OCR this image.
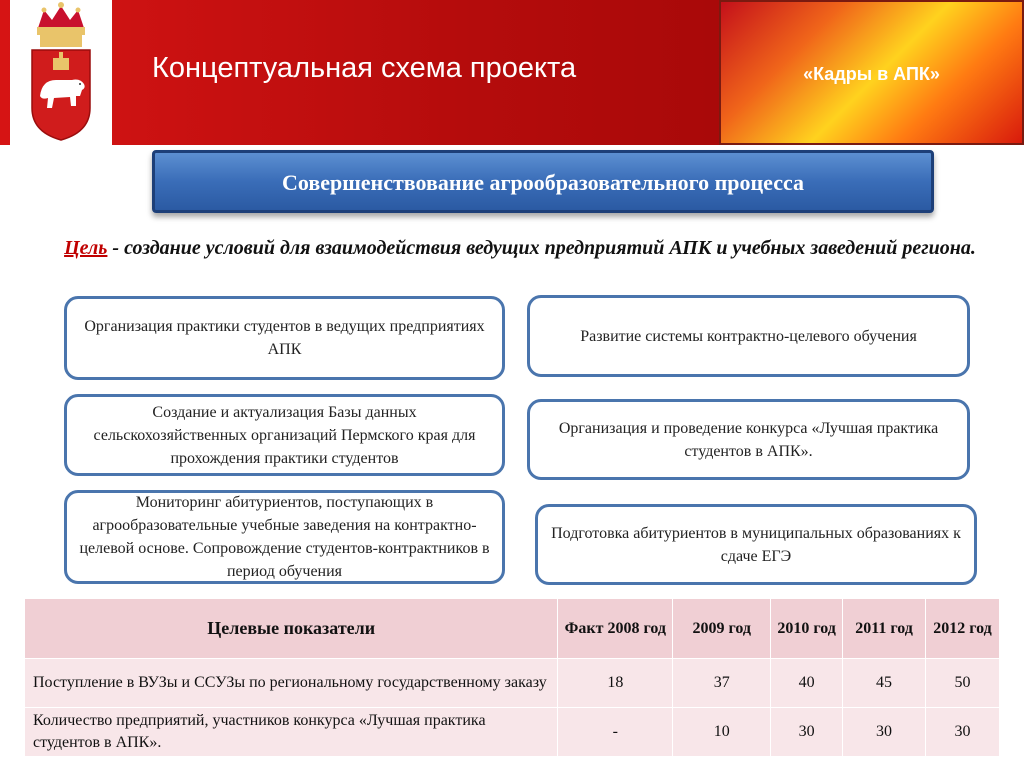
Концептуальная схема проекта	«Кадры в АПК»
Совершенствование агрообразовательного процесса
Цель - создание условий для взаимодействия ведущих предприятий АПК и учебных заведений региона.
Организация практики студентов в ведущих предприятиях АПК
Создание и актуализация Базы данных сельскохозяйственных организаций Пермского края для прохождения практики студентов
Мониторинг абитуриентов, поступающих в агрообразовательные учебные заведения на контрактно-целевой основе. Сопровождение студентов-контрактников в период обучения
Развитие системы контрактно-целевого обучения
Организация и проведение конкурса «Лучшая практика студентов в АПК».
Подготовка абитуриентов в муниципальных образованиях к сдаче ЕГЭ
Целевые показатели	Факт 2008 год	2009 год	2010 год	2011 год	2012 год
Поступление в ВУЗы и ССУЗы по региональному государственному заказу	18	37	40	45	50
Количество предприятий, участников конкурса «Лучшая практика студентов в АПК».	-	10	30	30	30
